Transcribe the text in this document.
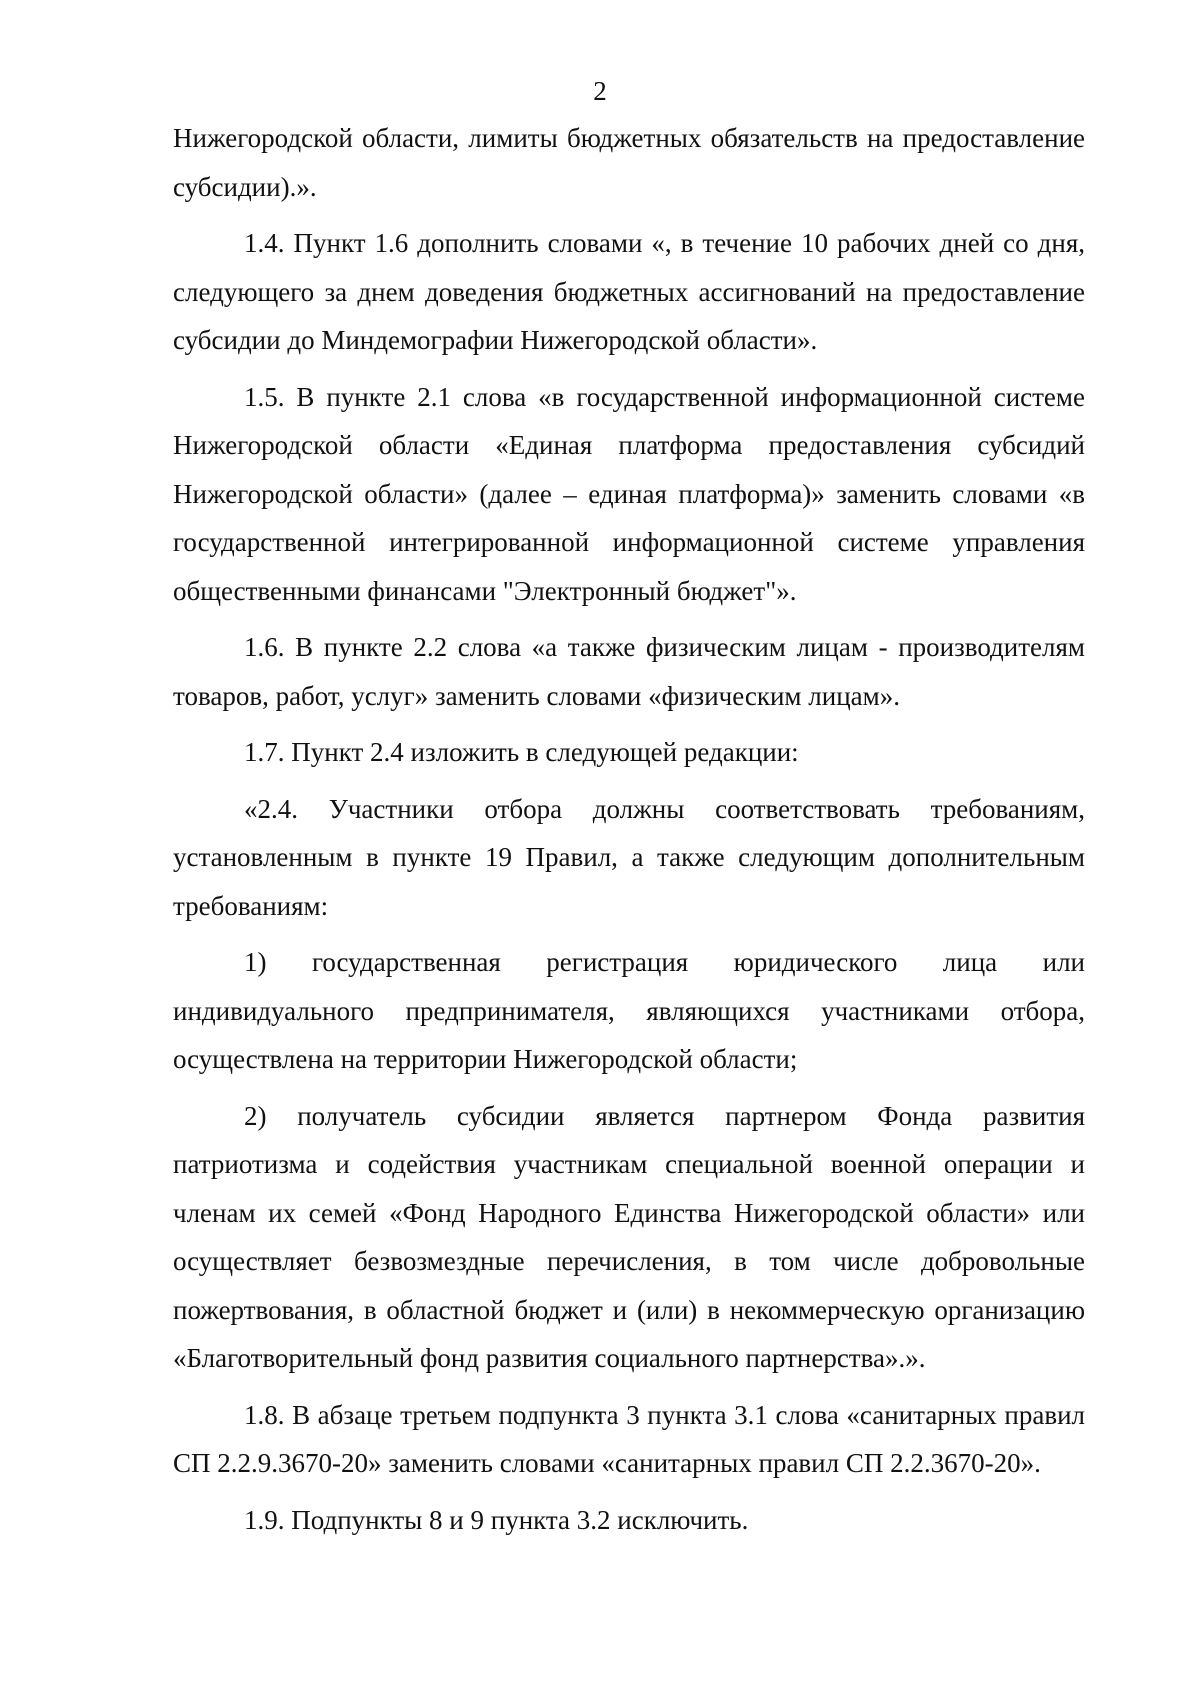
2

Нижегородской области, лимиты бюджетных обязательств на предоставление субсидии).».

1.4. Пункт 1.6 дополнить словами «, в течение 10 рабочих дней со дня, следующего за днем доведения бюджетных ассигнований на предоставление субсидии до Миндемографии Нижегородской области».

1.5. В пункте 2.1 слова «в государственной информационной системе Нижегородской области «Единая платформа предоставления субсидий Нижегородской области» (далее – единая платформа)» заменить словами «в государственной интегрированной информационной системе управления общественными финансами "Электронный бюджет"».

1.6. В пункте 2.2 слова «а также физическим лицам - производителям товаров, работ, услуг» заменить словами «физическим лицам».

1.7. Пункт 2.4 изложить в следующей редакции:

«2.4. Участники отбора должны соответствовать требованиям, установленным в пункте 19 Правил, а также следующим дополнительным требованиям:

1) государственная регистрация юридического лица или индивидуального предпринимателя, являющихся участниками отбора, осуществлена на территории Нижегородской области;

2) получатель субсидии является партнером Фонда развития патриотизма и содействия участникам специальной военной операции и членам их семей «Фонд Народного Единства Нижегородской области» или осуществляет безвозмездные перечисления, в том числе добровольные пожертвования, в областной бюджет и (или) в некоммерческую организацию «Благотворительный фонд развития социального партнерства».».

1.8. В абзаце третьем подпункта 3 пункта 3.1 слова «санитарных правил СП 2.2.9.3670-20» заменить словами «санитарных правил СП 2.2.3670-20».

1.9. Подпункты 8 и 9 пункта 3.2 исключить.
